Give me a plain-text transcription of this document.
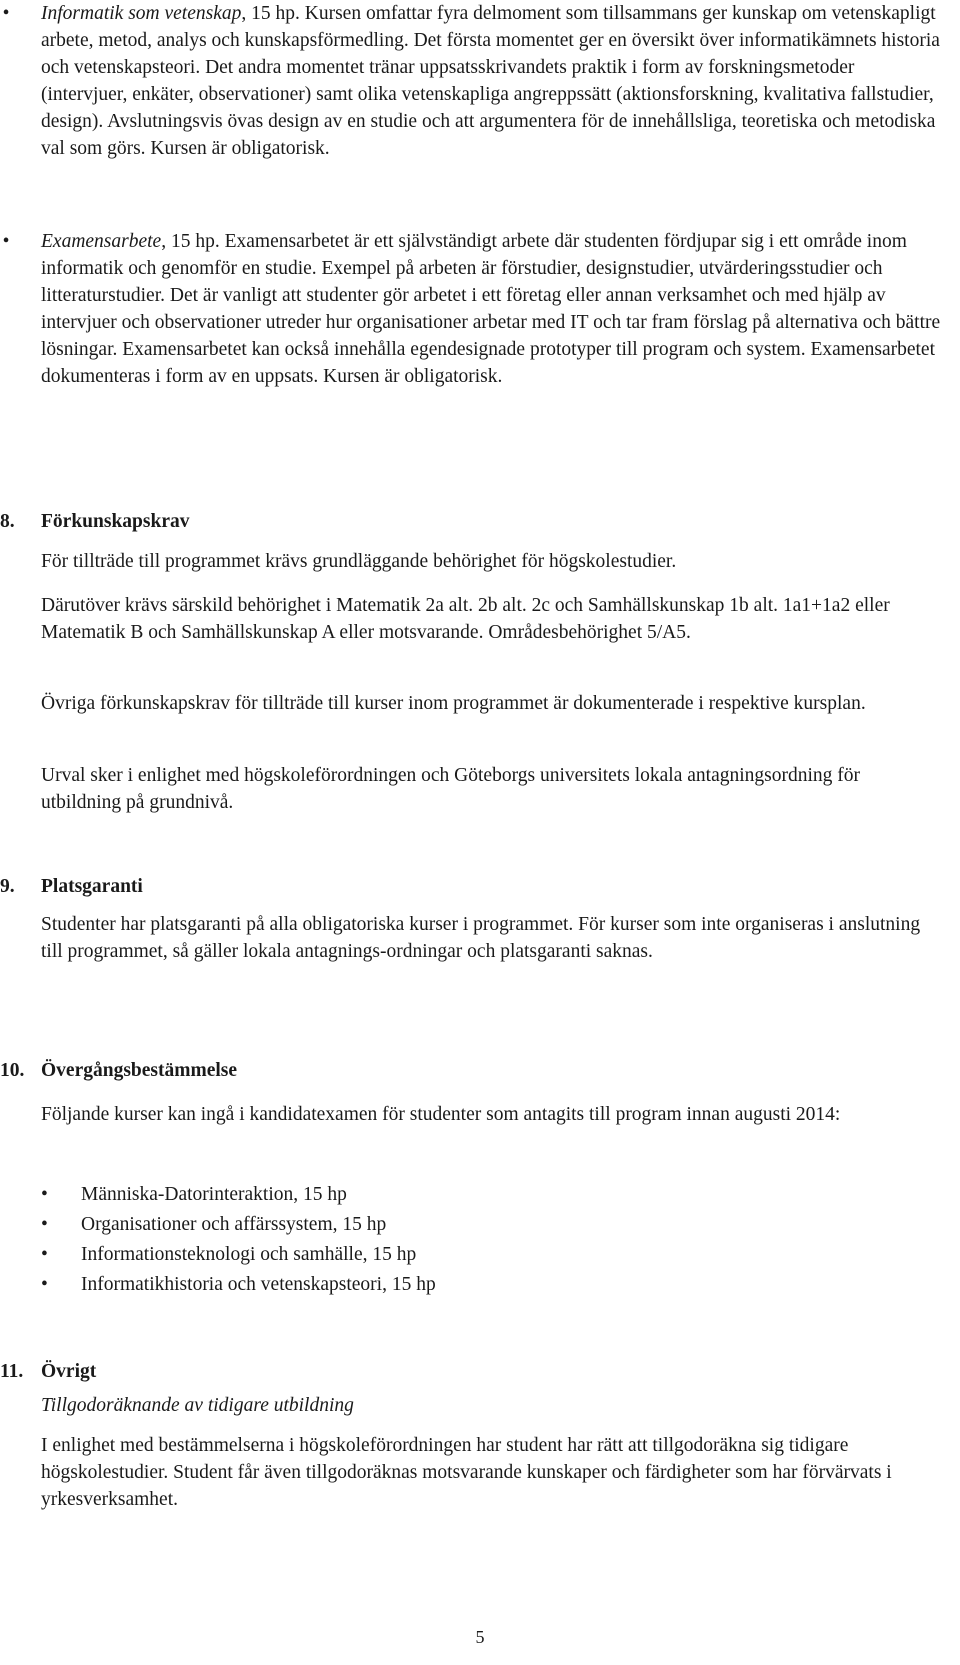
• Informatik som vetenskap, 15 hp. Kursen omfattar fyra delmoment som tillsammans ger kunskap om vetenskapligt arbete, metod, analys och kunskapsförmedling. Det första momentet ger en översikt över informatikämnets historia och vetenskapsteori. Det andra momentet tränar uppsatsskrivandets praktik i form av forskningsmetoder (intervjuer, enkäter, observationer) samt olika vetenskapliga angreppssätt (aktionsforskning, kvalitativa fallstudier, design). Avslutningsvis övas design av en studie och att argumentera för de innehållsliga, teoretiska och metodiska val som görs. Kursen är obligatorisk.

• Examensarbete, 15 hp. Examensarbetet är ett självständigt arbete där studenten fördjupar sig i ett område inom informatik och genomför en studie. Exempel på arbeten är förstudier, designstudier, utvärderingsstudier och litteraturstudier. Det är vanligt att studenter gör arbetet i ett företag eller annan verksamhet och med hjälp av intervjuer och observationer utreder hur organisationer arbetar med IT och tar fram förslag på alternativa och bättre lösningar. Examensarbetet kan också innehålla egendesignade prototyper till program och system. Examensarbetet dokumenteras i form av en uppsats. Kursen är obligatorisk.

8. Förkunskapskrav

För tillträde till programmet krävs grundläggande behörighet för högskolestudier.

Därutöver krävs särskild behörighet i Matematik 2a alt. 2b alt. 2c och Samhällskunskap 1b alt. 1a1+1a2 eller Matematik B och Samhällskunskap A eller motsvarande. Områdesbehörighet 5/A5.

Övriga förkunskapskrav för tillträde till kurser inom programmet är dokumenterade i respektive kursplan.

Urval sker i enlighet med högskoleförordningen och Göteborgs universitets lokala antagningsordning för utbildning på grundnivå.

9. Platsgaranti

Studenter har platsgaranti på alla obligatoriska kurser i programmet. För kurser som inte organiseras i anslutning till programmet, så gäller lokala antagnings-ordningar och platsgaranti saknas.

10. Övergångsbestämmelse

Följande kurser kan ingå i kandidatexamen för studenter som antagits till program innan augusti 2014:

• Människa-Datorinteraktion, 15 hp
• Organisationer och affärssystem, 15 hp
• Informationsteknologi och samhälle, 15 hp
• Informatikhistoria och vetenskapsteori, 15 hp
11. Övrigt

Tillgodoräknande av tidigare utbildning

I enlighet med bestämmelserna i högskoleförordningen har student har rätt att tillgodoräkna sig tidigare högskolestudier. Student får även tillgodoräknas motsvarande kunskaper och färdigheter som har förvärvats i yrkesverksamhet.

5
